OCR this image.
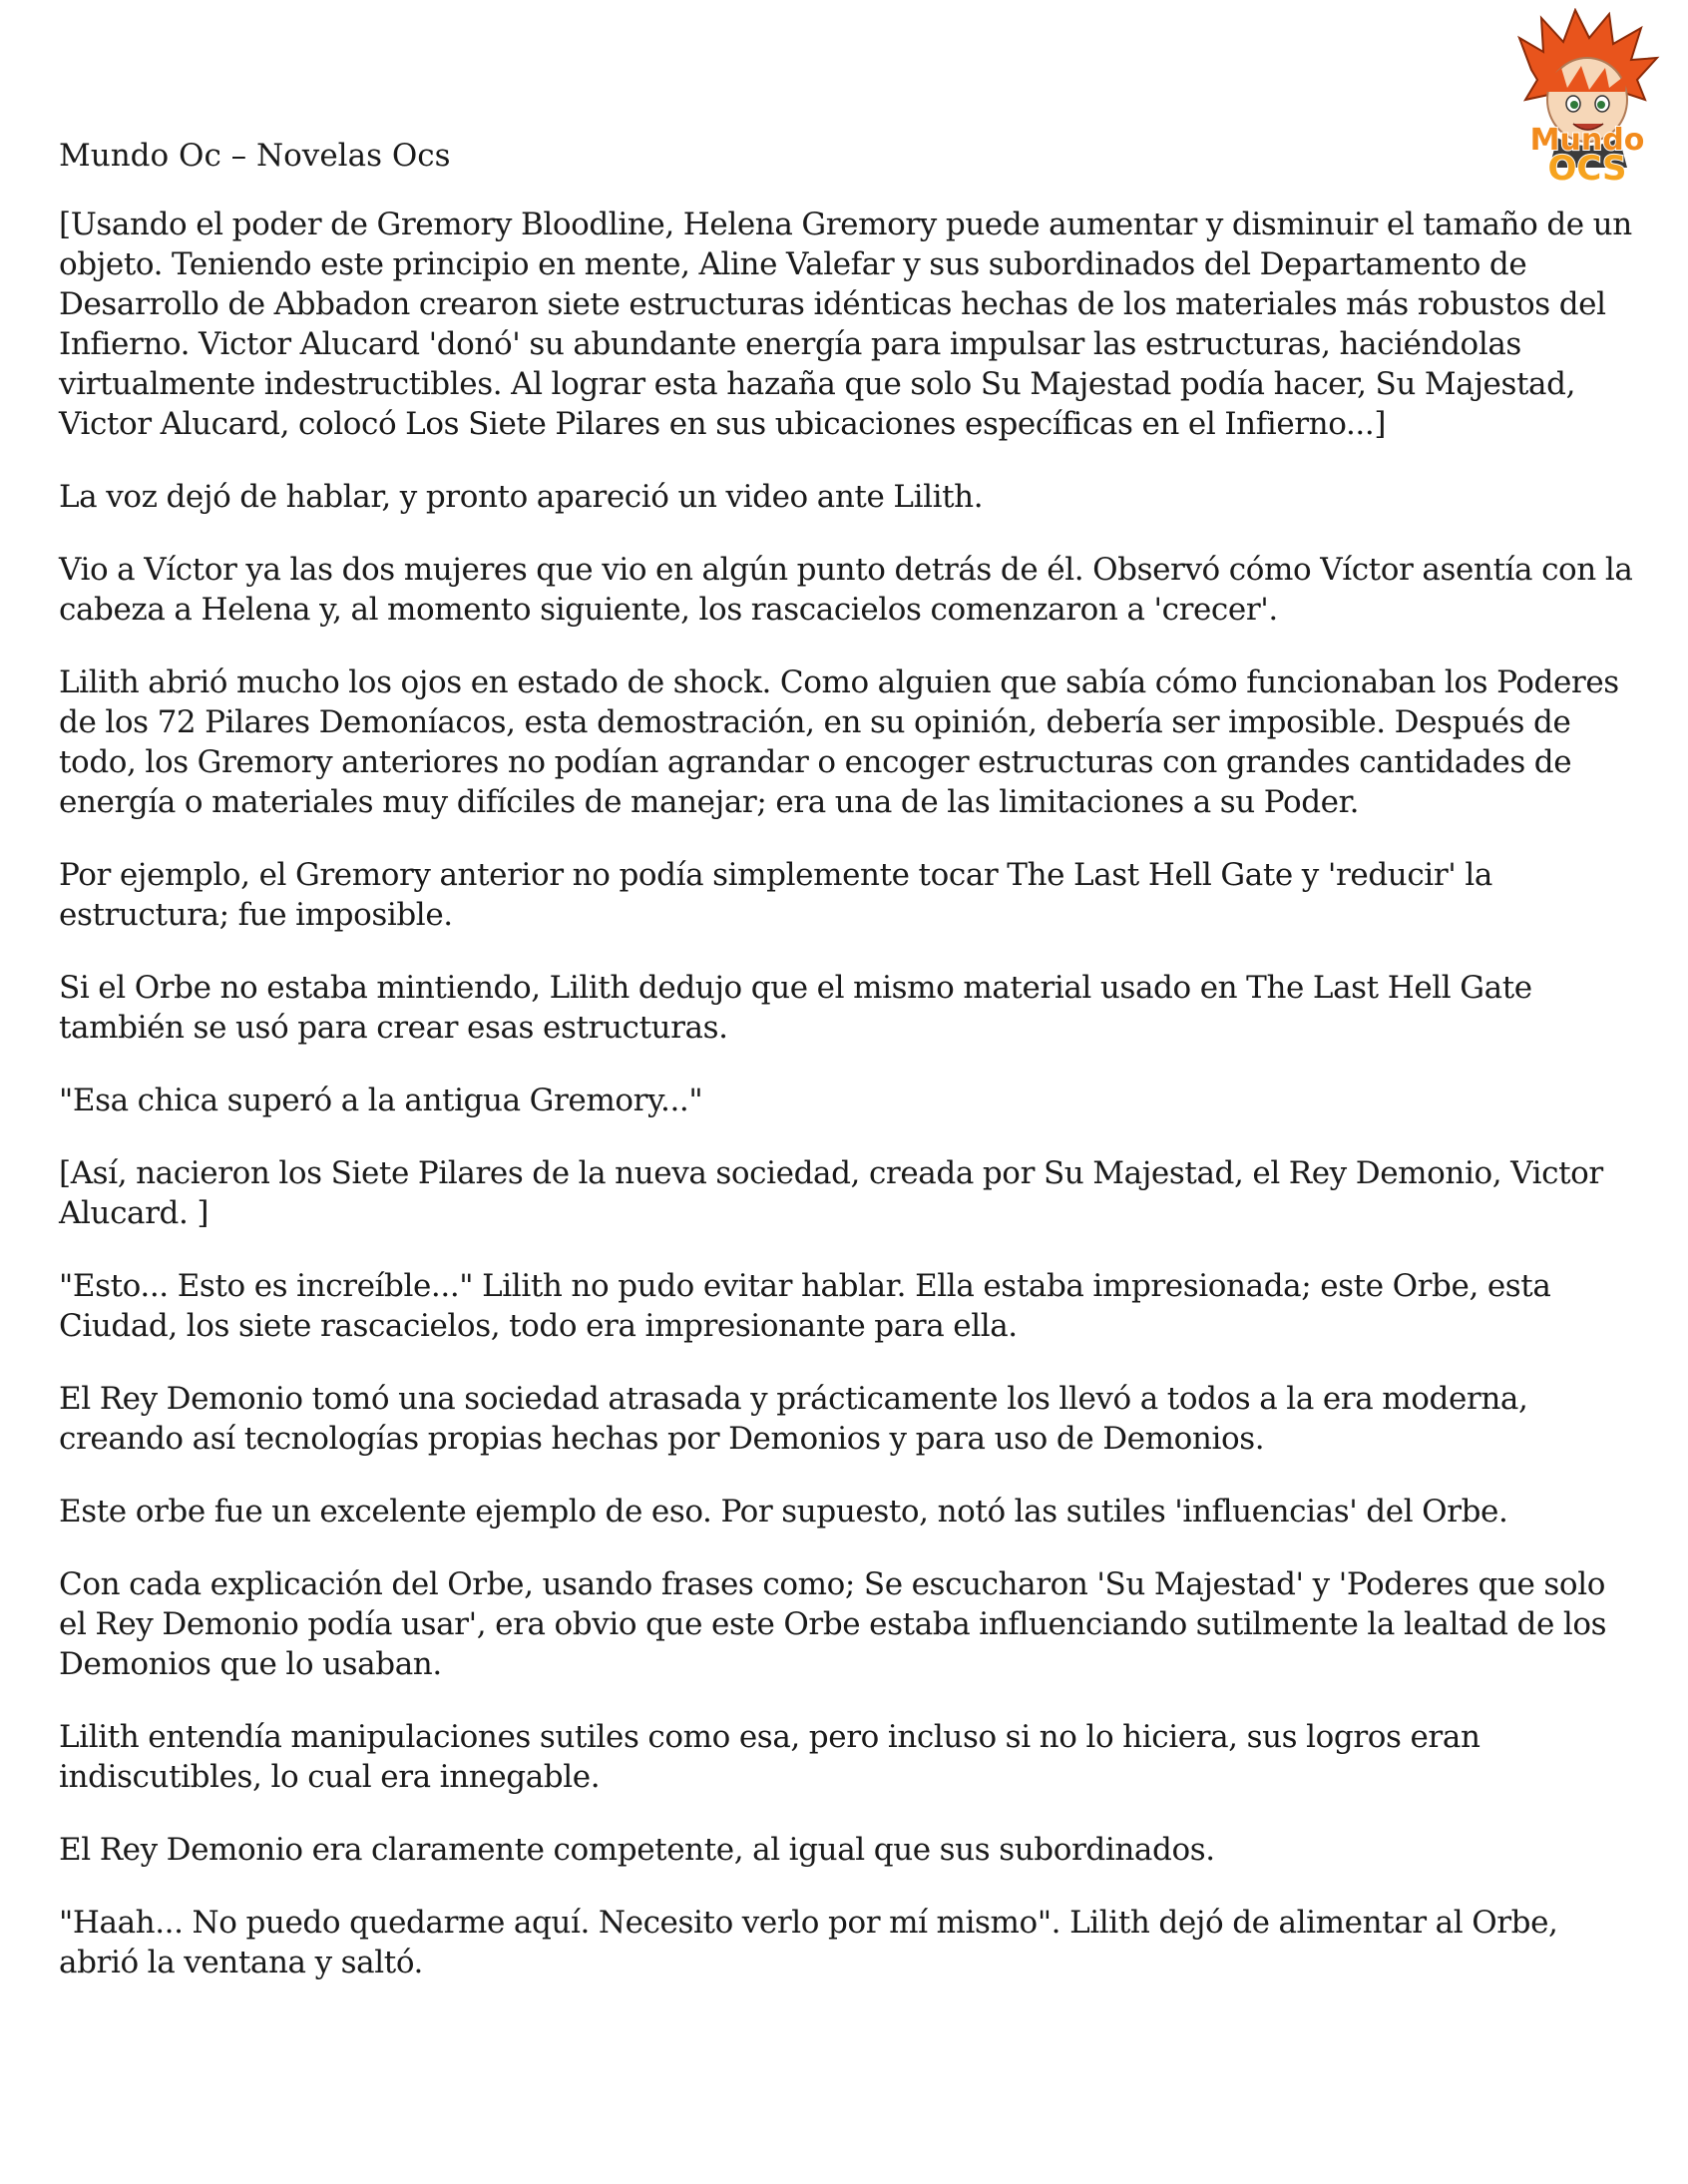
Mundo
OCS
Mundo Oc – Novelas Ocs

[Usando el poder de Gremory Bloodline, Helena Gremory puede aumentar y disminuir el tamaño de un objeto. Teniendo este principio en mente, Aline Valefar y sus subordinados del Departamento de Desarrollo de Abbadon crearon siete estructuras idénticas hechas de los materiales más robustos del Infierno. Victor Alucard 'donó' su abundante energía para impulsar las estructuras, haciéndolas virtualmente indestructibles. Al lograr esta hazaña que solo Su Majestad podía hacer, Su Majestad, Victor Alucard, colocó Los Siete Pilares en sus ubicaciones específicas en el Infierno...]

La voz dejó de hablar, y pronto apareció un video ante Lilith.

Vio a Víctor ya las dos mujeres que vio en algún punto detrás de él. Observó cómo Víctor asentía con la cabeza a Helena y, al momento siguiente, los rascacielos comenzaron a 'crecer'.

Lilith abrió mucho los ojos en estado de shock. Como alguien que sabía cómo funcionaban los Poderes de los 72 Pilares Demoníacos, esta demostración, en su opinión, debería ser imposible. Después de todo, los Gremory anteriores no podían agrandar o encoger estructuras con grandes cantidades de energía o materiales muy difíciles de manejar; era una de las limitaciones a su Poder.

Por ejemplo, el Gremory anterior no podía simplemente tocar The Last Hell Gate y 'reducir' la estructura; fue imposible.

Si el Orbe no estaba mintiendo, Lilith dedujo que el mismo material usado en The Last Hell Gate también se usó para crear esas estructuras.

"Esa chica superó a la antigua Gremory..."

[Así, nacieron los Siete Pilares de la nueva sociedad, creada por Su Majestad, el Rey Demonio, Victor Alucard. ]

"Esto... Esto es increíble..." Lilith no pudo evitar hablar. Ella estaba impresionada; este Orbe, esta Ciudad, los siete rascacielos, todo era impresionante para ella.

El Rey Demonio tomó una sociedad atrasada y prácticamente los llevó a todos a la era moderna, creando así tecnologías propias hechas por Demonios y para uso de Demonios.

Este orbe fue un excelente ejemplo de eso. Por supuesto, notó las sutiles 'influencias' del Orbe.

Con cada explicación del Orbe, usando frases como; Se escucharon 'Su Majestad' y 'Poderes que solo el Rey Demonio podía usar', era obvio que este Orbe estaba influenciando sutilmente la lealtad de los Demonios que lo usaban.

Lilith entendía manipulaciones sutiles como esa, pero incluso si no lo hiciera, sus logros eran indiscutibles, lo cual era innegable.

El Rey Demonio era claramente competente, al igual que sus subordinados.

"Haah... No puedo quedarme aquí. Necesito verlo por mí mismo". Lilith dejó de alimentar al Orbe, abrió la ventana y saltó.
